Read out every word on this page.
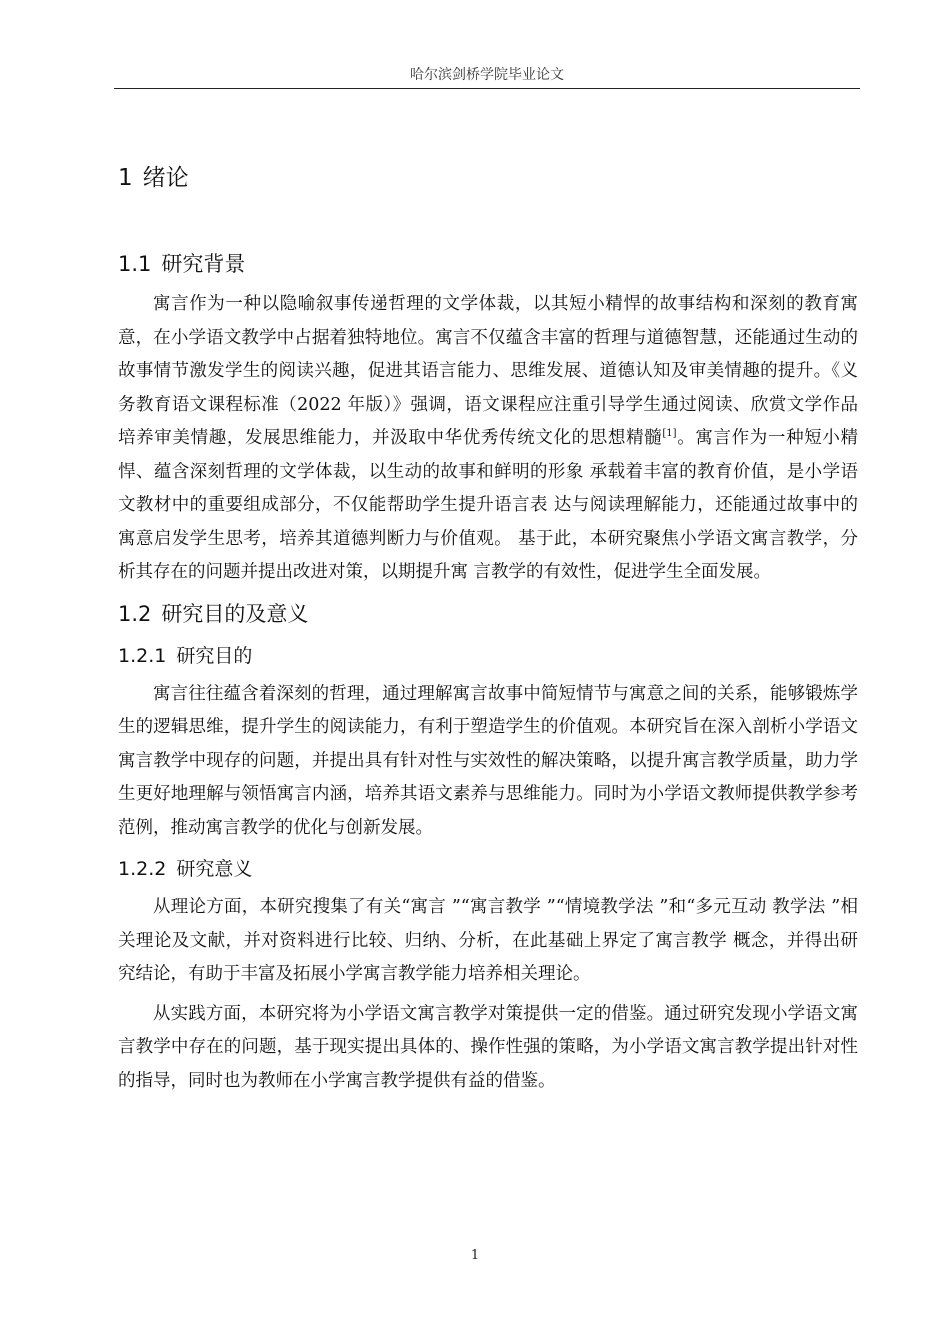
哈尔滨剑桥学院毕业论文
1 绪论
1.1 研究背景

寓言作为一种以隐喻叙事传递哲理的文学体裁，以其短小精悍的故事结构和深刻的教育寓意，在小学语文教学中占据着独特地位。寓言不仅蕴含丰富的哲理与道德智慧，还能通过生动的故事情节激发学生的阅读兴趣，促进其语言能力、思维发展、道德认知及审美情趣的提升。《义务教育语文课程标准（2022 年版）》强调，语文课程应注重引导学生通过阅读、欣赏文学作品培养审美情趣，发展思维能力，并汲取中华优秀传统文化的思想精髓[1]。寓言作为一种短小精悍、蕴含深刻哲理的文学体裁，以生动的故事和鲜明的形象 承载着丰富的教育价值，是小学语文教材中的重要组成部分，不仅能帮助学生提升语言表 达与阅读理解能力，还能通过故事中的寓意启发学生思考，培养其道德判断力与价值观。 基于此，本研究聚焦小学语文寓言教学，分析其存在的问题并提出改进对策，以期提升寓 言教学的有效性，促进学生全面发展。

1.2 研究目的及意义
1.2.1 研究目的

寓言往往蕴含着深刻的哲理，通过理解寓言故事中简短情节与寓意之间的关系，能够锻炼学生的逻辑思维，提升学生的阅读能力，有利于塑造学生的价值观。本研究旨在深入剖析小学语文寓言教学中现存的问题，并提出具有针对性与实效性的解决策略，以提升寓言教学质量，助力学生更好地理解与领悟寓言内涵，培养其语文素养与思维能力。同时为小学语文教师提供教学参考范例，推动寓言教学的优化与创新发展。

1.2.2 研究意义

从理论方面，本研究搜集了有关“寓言 ”“寓言教学 ”“情境教学法 ”和“多元互动 教学法 ”相关理论及文献，并对资料进行比较、归纳、分析，在此基础上界定了寓言教学 概念，并得出研究结论，有助于丰富及拓展小学寓言教学能力培养相关理论。

从实践方面，本研究将为小学语文寓言教学对策提供一定的借鉴。通过研究发现小学语文寓言教学中存在的问题，基于现实提出具体的、操作性强的策略，为小学语文寓言教学提出针对性的指导，同时也为教师在小学寓言教学提供有益的借鉴。

1
